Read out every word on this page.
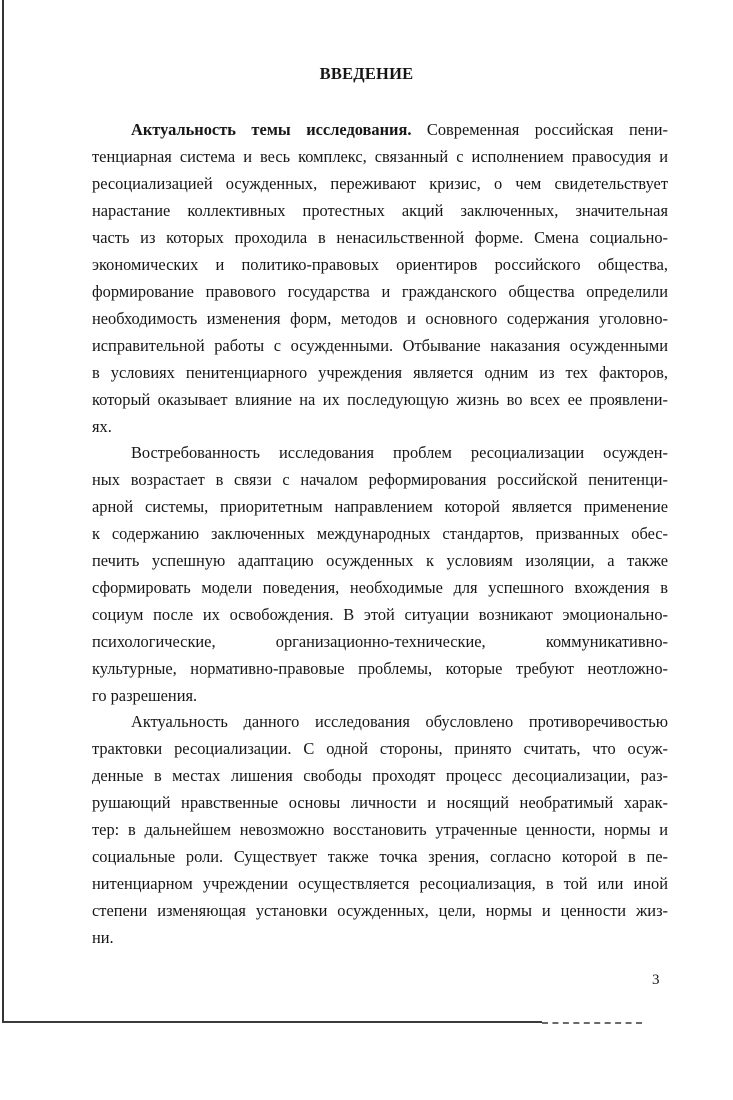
ВВЕДЕНИЕ
Актуальность темы исследования. Современная российская пени-
тенциарная система и весь комплекс, связанный с исполнением правосудия и
ресоциализацией осужденных, переживают кризис, о чем свидетельствует
нарастание коллективных протестных акций заключенных, значительная
часть из которых проходила в ненасильственной форме. Смена социально-
экономических и политико-правовых ориентиров российского общества,
формирование правового государства и гражданского общества определили
необходимость изменения форм, методов и основного содержания уголовно-
исправительной работы с осужденными. Отбывание наказания осужденными
в условиях пенитенциарного учреждения является одним из тех факторов,
который оказывает влияние на их последующую жизнь во всех ее проявлени-
ях.
Востребованность исследования проблем ресоциализации осужден-
ных возрастает в связи с началом реформирования российской пенитенци-
арной системы, приоритетным направлением которой является применение
к содержанию заключенных международных стандартов, призванных обес-
печить успешную адаптацию осужденных к условиям изоляции, а также
сформировать модели поведения, необходимые для успешного вхождения в
социум после их освобождения. В этой ситуации возникают эмоционально-
психологические, организационно-технические, коммуникативно-
культурные, нормативно-правовые проблемы, которые требуют неотложно-
го разрешения.
Актуальность данного исследования обусловлено противоречивостью
трактовки ресоциализации. С одной стороны, принято считать, что осуж-
денные в местах лишения свободы проходят процесс десоциализации, раз-
рушающий нравственные основы личности и носящий необратимый харак-
тер: в дальнейшем невозможно восстановить утраченные ценности, нормы и
социальные роли. Существует также точка зрения, согласно которой в пе-
нитенциарном учреждении осуществляется ресоциализация, в той или иной
степени изменяющая установки осужденных, цели, нормы и ценности жиз-
ни.
3
